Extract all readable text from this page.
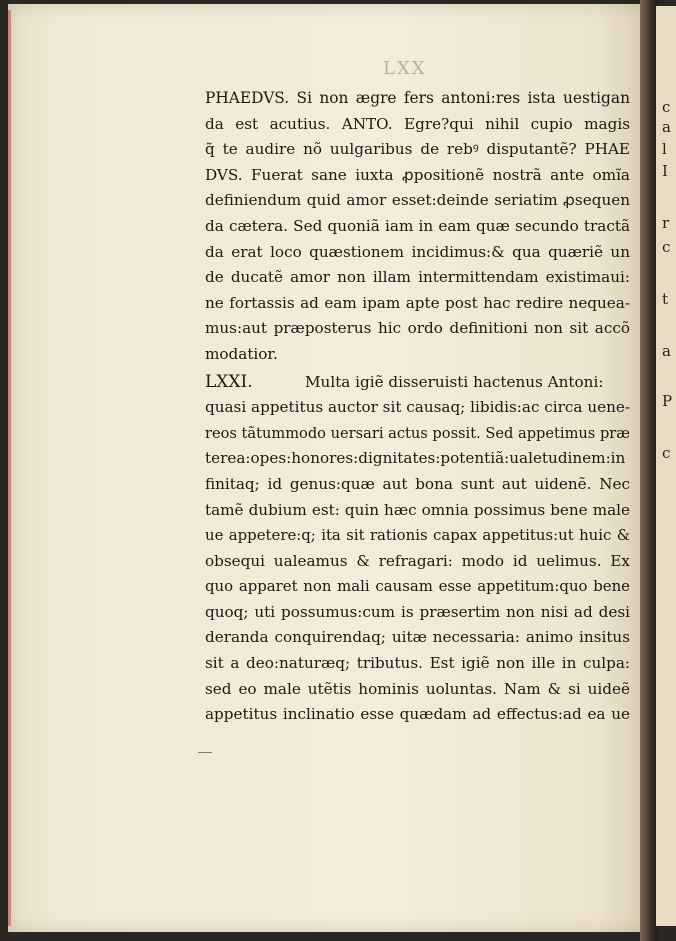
c
a
l
I
r
c
t
a
P
c
LXX
PHAEDVS. Si non ægre fers antoni:res ista uestigan
da est acutius. ANTO. Egre?qui nihil cupio magis
q̃ te audire nõ uulgaribus de rebꝰ disputantẽ? PHAE
DVS. Fuerat sane iuxta ꝓpositionẽ nostrã ante omĩa
definiendum quid amor esset:deinde seriatim ꝓsequen
da cætera. Sed quoniã iam in eam quæ secundo tractã
da erat loco quæstionem incidimus:& qua quæriẽ un
de ducatẽ amor non illam intermittendam existimaui:
ne fortassis ad eam ipam apte post hac redire nequea-
mus:aut præposterus hic ordo definitioni non sit accõ
modatior.
LXXI.	Multa igiẽ disseruisti hactenus Antoni:
quasi appetitus auctor sit causaq; libidis:ac circa uene-
reos tãtummodo uersari actus possit. Sed appetimus præ
terea:opes:honores:dignitates:potentiã:ualetudinem:in
finitaq; id genus:quæ aut bona sunt aut uidenẽ. Nec
tamẽ dubium est: quin hæc omnia possimus bene male
ue appetere:q; ita sit rationis capax appetitus:ut huic &
obsequi ualeamus & refragari: modo id uelimus. Ex
quo apparet non mali causam esse appetitum:quo bene
quoq; uti possumus:cum is præsertim non nisi ad desi
deranda conquirendaq; uitæ necessaria: animo insitus
sit a deo:naturæq; tributus. Est igiẽ non ille in culpa:
sed eo male utẽtis hominis uoluntas. Nam & si uideẽ
appetitus inclinatio esse quædam ad effectus:ad ea ue
